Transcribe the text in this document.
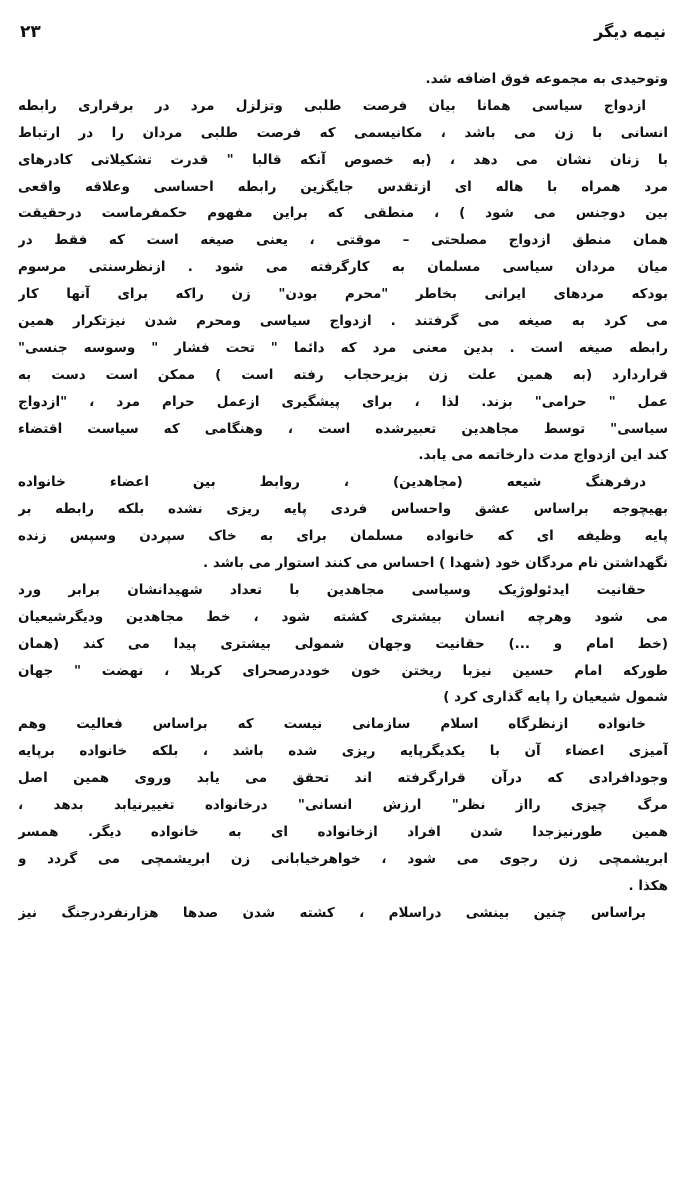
۲۳	نیمه دیگر
وتوحیدی به مجموعه فوق اضافه شد.
ازدواج سیاسی همانا بیان فرصت طلبی وتزلزل مرد در برقراری رابطه
انسانی با زن می باشد ، مکانیسمی که فرصت طلبی مردان را در ارتباط
با زنان نشان می دهد ، (به خصوص آنکه قالبا " قدرت تشکیلاتی کادرهای
مرد همراه با هاله ای ازتقدس جایگزین رابطه احساسی وعلاقه واقعی
بین دوجنس می شود ) ، منطقی که براین مفهوم حکمفرماست درحقیقت
همان منطق ازدواج مصلحتی – موقتی ، یعنی صیغه است که فقط در
میان مردان سیاسی مسلمان به کارگرفته می شود . ازنظرسنتی مرسوم
بودکه مردهای ایرانی بخاطر "محرم بودن" زن راکه برای آنها کار
می کرد به صیغه می گرفتند . ازدواج سیاسی ومحرم شدن نیزتکرار همین
رابطه صیغه است . بدین معنی مرد که دائما " تحت فشار " وسوسه جنسی"
قراردارد (به همین علت زن بزیرحجاب رفته است ) ممکن است دست به
عمل " حرامی" بزند. لذا ، برای پیشگیری ازعمل حرام مرد ، "ازدواج
سیاسی" توسط مجاهدین تعبیرشده است ، وهنگامی که سیاست اقتضاء
کند این ازدواج مدت دارخاتمه می یابد.
درفرهنگ شیعه (مجاهدین) ، روابط بین اعضاء خانواده
بهیچوجه براساس عشق واحساس فردی پایه ریزی نشده بلکه رابطه بر
پایه وظیفه ای که خانواده مسلمان برای به خاک سپردن وسپس زنده
نگهداشتن نام مردگان خود (شهدا ) احساس می کنند استوار می باشد .
حقانیت ایدئولوژیک وسیاسی مجاهدین با تعداد شهیدانشان برابر ورد
می شود وهرچه انسان بیشتری کشته شود ، خط مجاهدین ودیگرشیعیان
(خط امام و ...) حقانیت وجهان شمولی بیشتری پیدا می کند (همان
طورکه امام حسین نیزبا ریختن خون خوددرصحرای کربلا ، نهضت " جهان
شمول شیعیان را پایه گذاری کرد )
خانواده ازنظرگاه اسلام سازمانی نیست که براساس فعالیت وهم
آمیزی اعضاء آن با یکدیگرپایه ریزی شده باشد ، بلکه خانواده برپایه
وجودافرادی که درآن قرارگرفته اند تحقق می یابد وروی همین اصل
مرگ چیزی رااز نظر" ارزش انسانی" درخانواده تغییرنیابد بدهد ،
همین طورنیزجدا شدن افراد ازخانواده ای به خانواده دیگر. همسر
ابریشمچی زن رجوی می شود ، خواهرخیابانی زن ابریشمچی می گردد و
هکذا .
براساس چنین بینشی دراسلام ، کشته شدن صدها هزارنفردرجنگ نیز
